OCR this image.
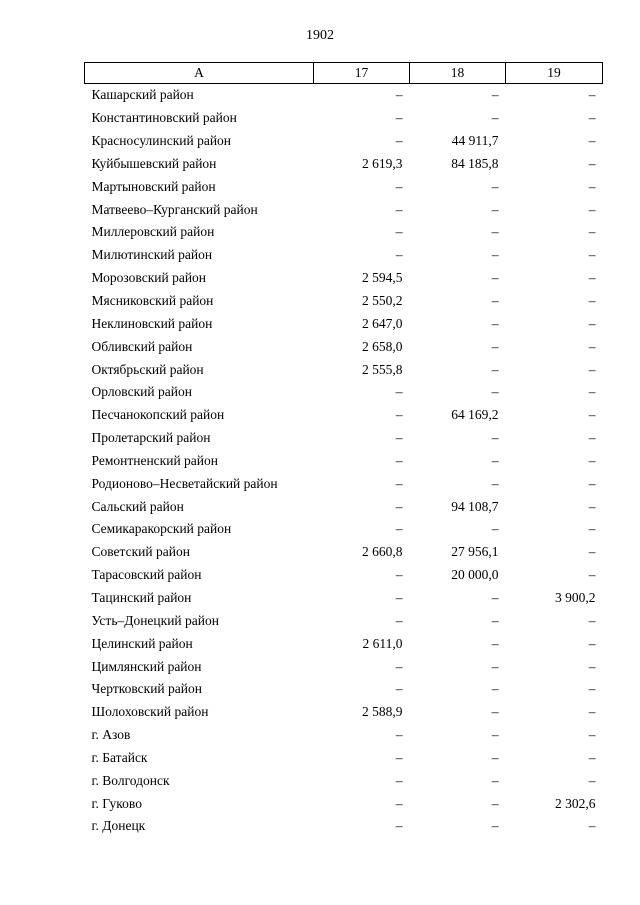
1902
А	17	18	19
Кашарский район	–	–	–
Константиновский район	–	–	–
Красносулинский район	–	44 911,7	–
Куйбышевский район	2 619,3	84 185,8	–
Мартыновский район	–	–	–
Матвеево–Курганский район	–	–	–
Миллеровский район	–	–	–
Милютинский район	–	–	–
Морозовский район	2 594,5	–	–
Мясниковский район	2 550,2	–	–
Неклиновский район	2 647,0	–	–
Обливский район	2 658,0	–	–
Октябрьский район	2 555,8	–	–
Орловский район	–	–	–
Песчанокопский район	–	64 169,2	–
Пролетарский район	–	–	–
Ремонтненский район	–	–	–
Родионово–Несветайский район	–	–	–
Сальский район	–	94 108,7	–
Семикаракорский район	–	–	–
Советский район	2 660,8	27 956,1	–
Тарасовский район	–	20 000,0	–
Тацинский район	–	–	3 900,2
Усть–Донецкий район	–	–	–
Целинский район	2 611,0	–	–
Цимлянский район	–	–	–
Чертковский район	–	–	–
Шолоховский район	2 588,9	–	–
г. Азов	–	–	–
г. Батайск	–	–	–
г. Волгодонск	–	–	–
г. Гуково	–	–	2 302,6
г. Донецк	–	–	–
